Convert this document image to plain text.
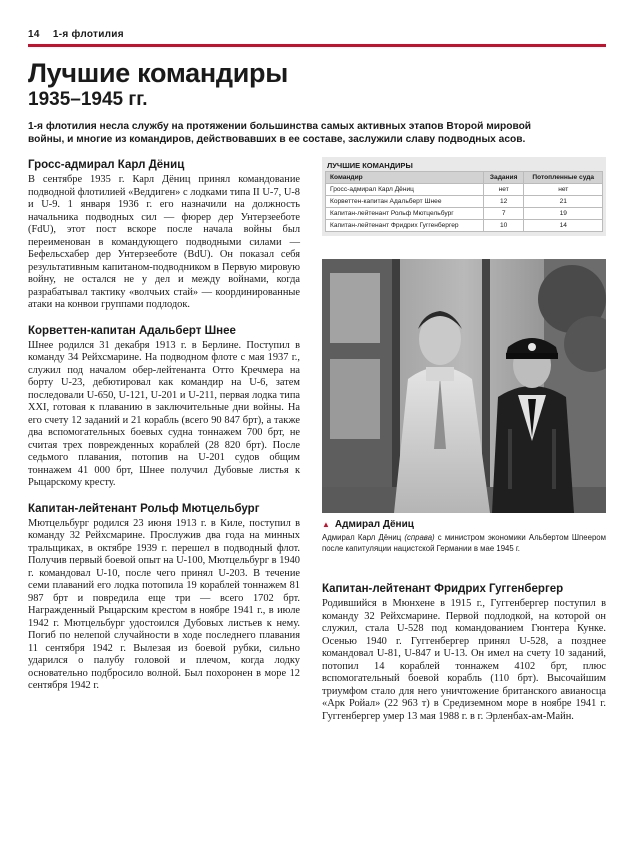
14 1-я флотилия
Лучшие командиры
1935–1945 гг.
1-я флотилия несла службу на протяжении большинства самых активных этапов Второй мировой войны, и многие из командиров, действовавших в ее составе, заслужили славу подводных асов.

Гросс-адмирал Карл Дёниц

В сентябре 1935 г. Карл Дёниц принял командование подводной флотилией «Веддиген» с лодками типа II U-7, U-8 и U-9. 1 января 1936 г. его назначили на должность начальника подводных сил — фюрер дер Унтерзееботе (FdU), этот пост вскоре после начала войны был переименован в командующего подводными силами — Бефельсхабер дер Унтерзееботе (BdU). Он показал себя результативным капитаном-подводником в Первую мировую войну, не остался не у дел и между войнами, когда разрабатывал тактику «волчьих стай» — координированные атаки на конвои группами подлодок.

Корветтен-капитан Адальберт Шнее

Шнее родился 31 декабря 1913 г. в Берлине. Поступил в команду 34 Рейхсмарине. На подводном флоте с мая 1937 г., служил под началом обер-лейтенанта Отто Кречмера на борту U-23, дебютировал как командир на U-6, затем последовали U-650, U-121, U-201 и U-211, первая лодка типа XXI, готовая к плаванию в заключительные дни войны. На его счету 12 заданий и 21 корабль (всего 90 847 брт), а также два вспомогательных боевых судна тоннажем 700 брт, не считая трех поврежденных кораблей (28 820 брт). После седьмого плавания, потопив на U-201 судов общим тоннажем 41 000 брт, Шнее получил Дубовые листья к Рыцарскому кресту.

Капитан-лейтенант Рольф Мютцельбург

Мютцельбург родился 23 июня 1913 г. в Киле, поступил в команду 32 Рейхсмарине. Прослужив два года на минных тральщиках, в октябре 1939 г. перешел в подводный флот. Получив первый боевой опыт на U-100, Мютцельбург в 1940 г. командовал U-10, после чего принял U-203. В течение семи плаваний его лодка потопила 19 кораблей тоннажем 81 987 брт и повредила еще три — всего 1702 брт. Награжденный Рыцарским крестом в ноябре 1941 г., в июле 1942 г. Мютцельбург удостоился Дубовых листьев к нему. Погиб по нелепой случайности в ходе последнего плавания 11 сентября 1942 г. Вылезая из боевой рубки, сильно ударился о палубу головой и плечом, когда лодку основательно подбросило волной. Был похоронен в море 12 сентября 1942 г.

ЛУЧШИЕ КОМАНДИРЫ
Командир	Задания	Потопленные суда
Гросс-адмирал Карл Дёниц	нет	нет
Корветтен-капитан Адальберт Шнее	12	21
Капитан-лейтенант Рольф Мютцельбург	7	19
Капитан-лейтенант Фридрих Гуггенбергер	10	14
▲ Адмирал Дёниц
Адмирал Карл Дёниц (справа) с министром экономики Альбертом Шпеером после капитуляции нацистской Германии в мае 1945 г.

Капитан-лейтенант Фридрих Гуггенбергер

Родившийся в Мюнхене в 1915 г., Гуггенбергер поступил в команду 32 Рейхсмарине. Первой подлодкой, на которой он служил, стала U-528 под командованием Гюнтера Кунке. Осенью 1940 г. Гуггенбергер принял U-528, а позднее командовал U-81, U-847 и U-13. Он имел на счету 10 заданий, потопил 14 кораблей тоннажем 4102 брт, плюс вспомогательный боевой корабль (110 брт). Высочайшим триумфом стало для него уничтожение британского авианосца «Арк Ройал» (22 963 т) в Средиземном море в ноябре 1941 г. Гуггенбергер умер 13 мая 1988 г. в г. Эрленбах-ам-Майн.
